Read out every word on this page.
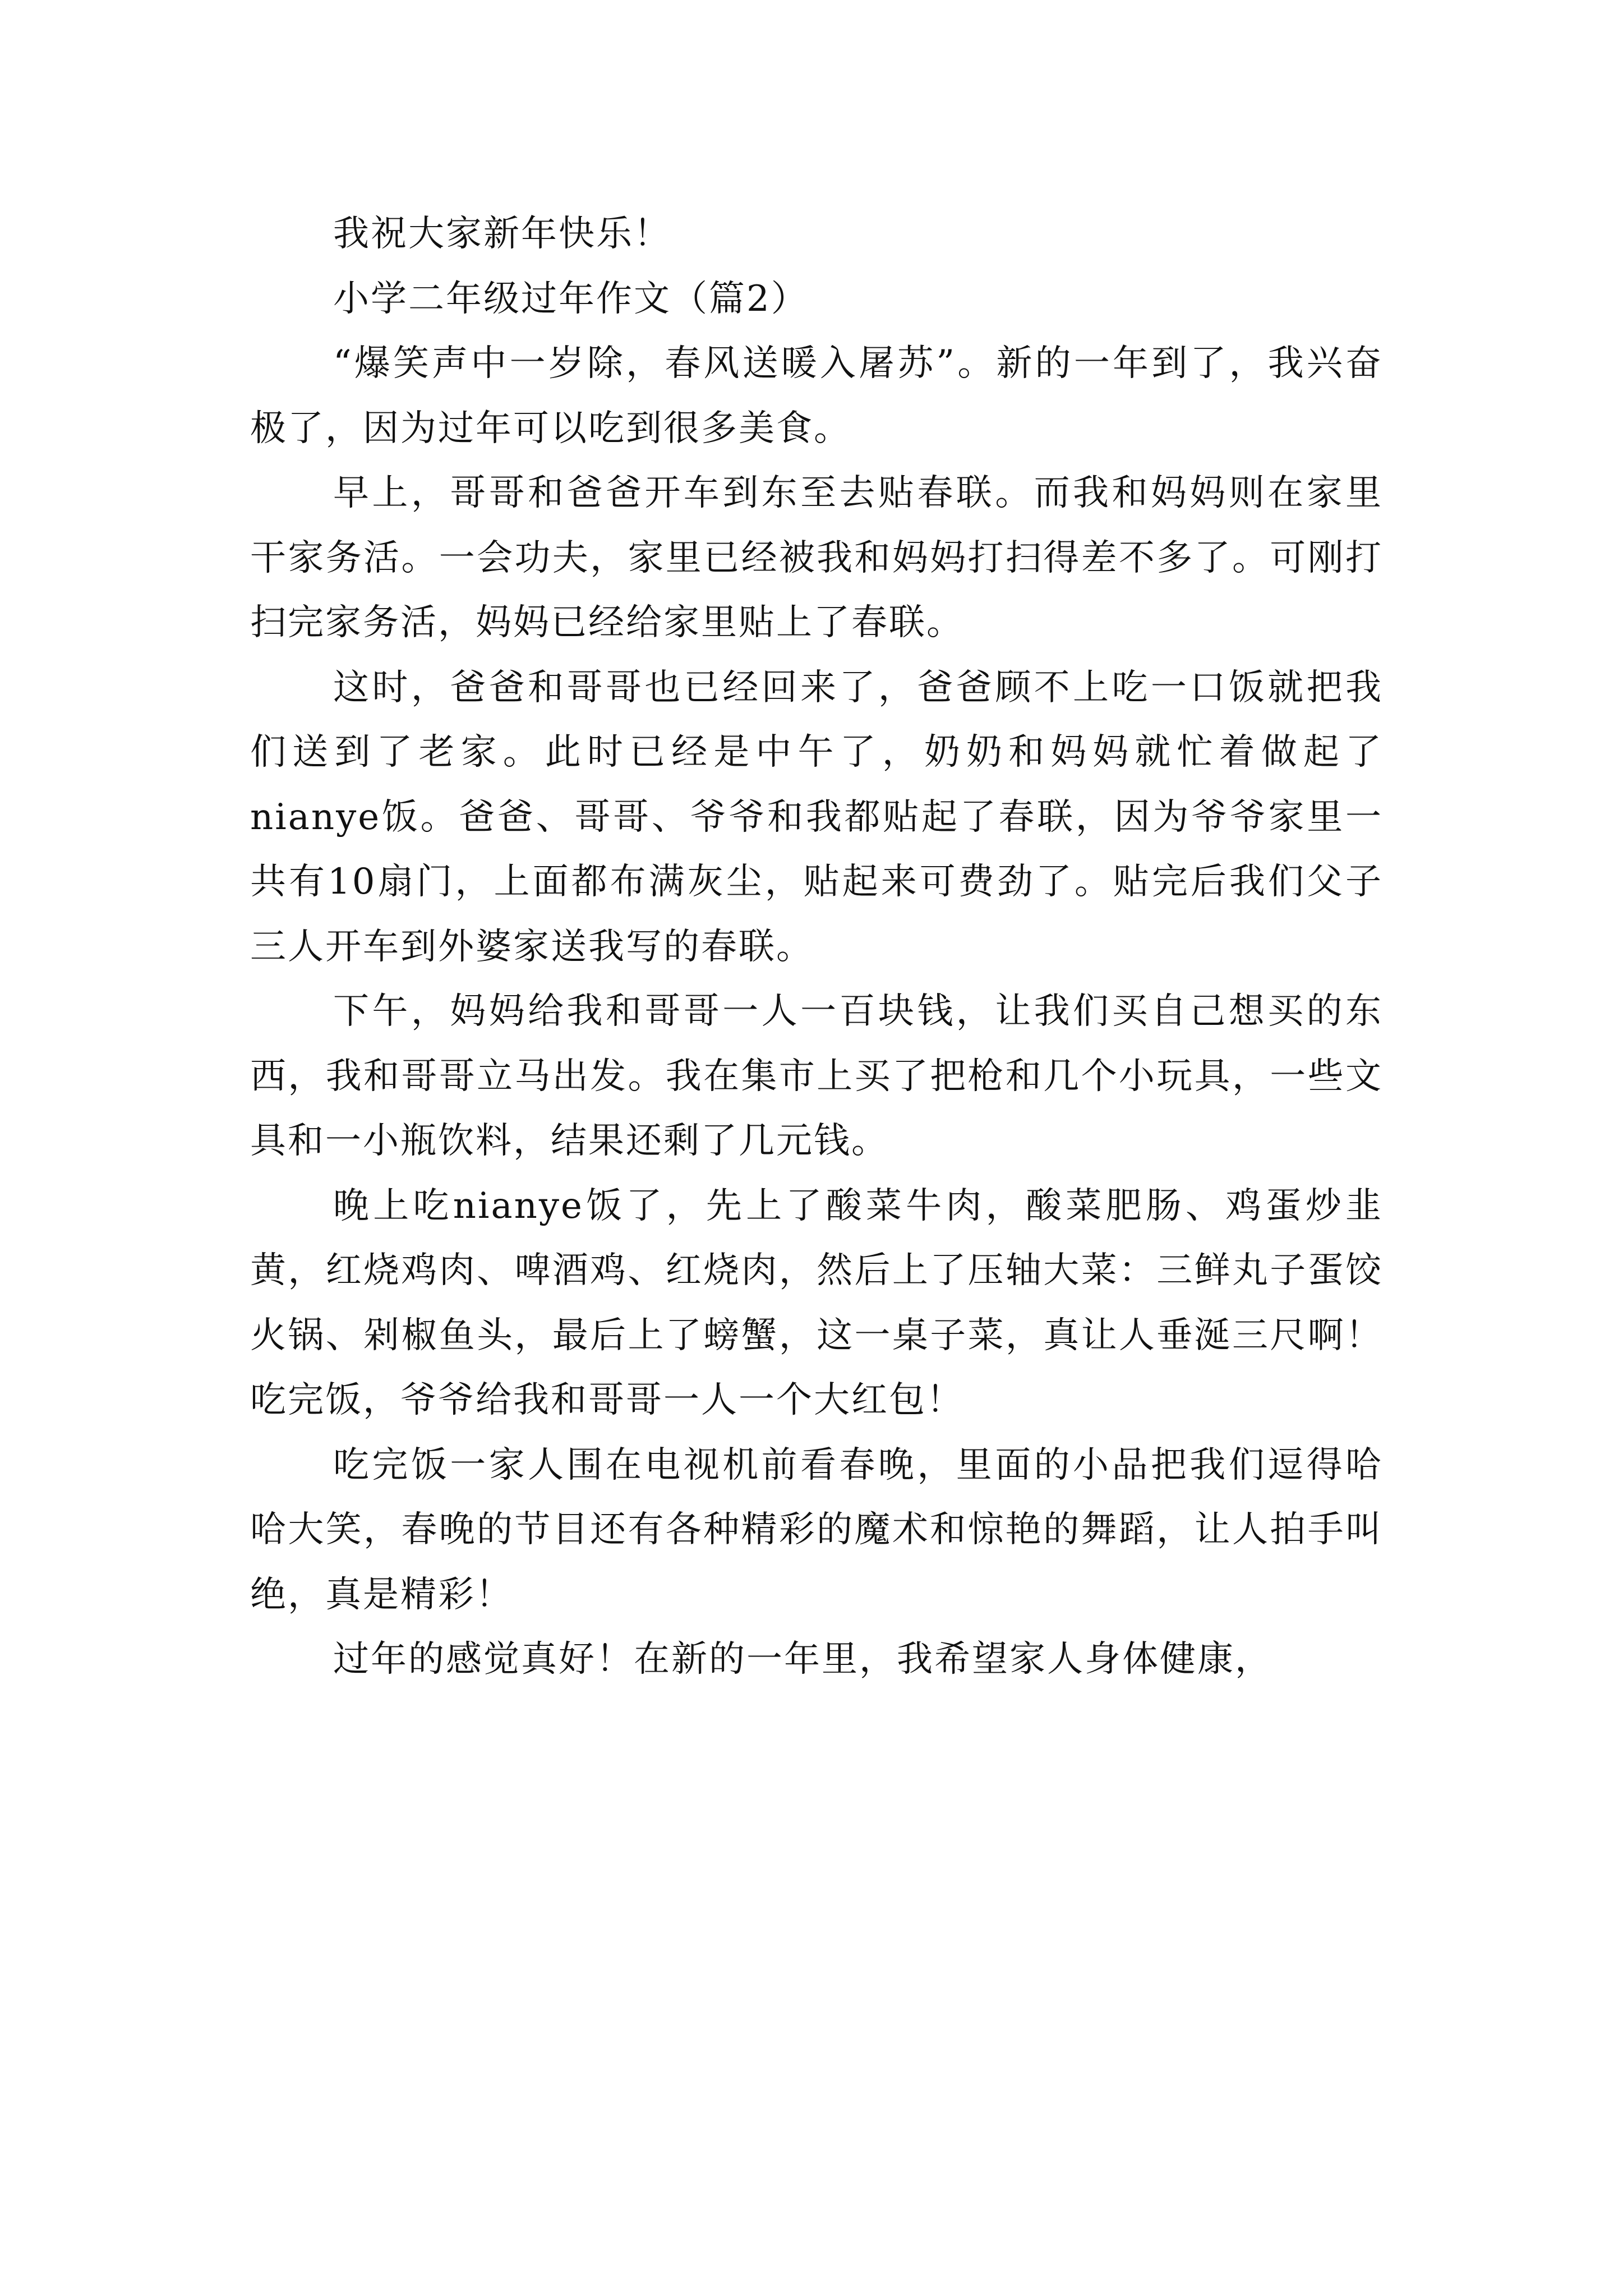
我祝大家新年快乐！

小学二年级过年作文（篇2）

“爆笑声中一岁除，春风送暖入屠苏”。新的一年到了，我兴奋极了，因为过年可以吃到很多美食。

早上，哥哥和爸爸开车到东至去贴春联。而我和妈妈则在家里干家务活。一会功夫，家里已经被我和妈妈打扫得差不多了。可刚打扫完家务活，妈妈已经给家里贴上了春联。

这时，爸爸和哥哥也已经回来了，爸爸顾不上吃一口饭就把我们送到了老家。此时已经是中午了，奶奶和妈妈就忙着做起了nianye饭。爸爸、哥哥、爷爷和我都贴起了春联，因为爷爷家里一共有10扇门，上面都布满灰尘，贴起来可费劲了。贴完后我们父子三人开车到外婆家送我写的春联。

下午，妈妈给我和哥哥一人一百块钱，让我们买自己想买的东西，我和哥哥立马出发。我在集市上买了把枪和几个小玩具，一些文具和一小瓶饮料，结果还剩了几元钱。

晚上吃nianye饭了，先上了酸菜牛肉，酸菜肥肠、鸡蛋炒韭黄，红烧鸡肉、啤酒鸡、红烧肉，然后上了压轴大菜：三鲜丸子蛋饺火锅、剁椒鱼头，最后上了螃蟹，这一桌子菜，真让人垂涎三尺啊！吃完饭，爷爷给我和哥哥一人一个大红包！

吃完饭一家人围在电视机前看春晚，里面的小品把我们逗得哈哈大笑，春晚的节目还有各种精彩的魔术和惊艳的舞蹈，让人拍手叫绝，真是精彩！

过年的感觉真好！在新的一年里，我希望家人身体健康，
